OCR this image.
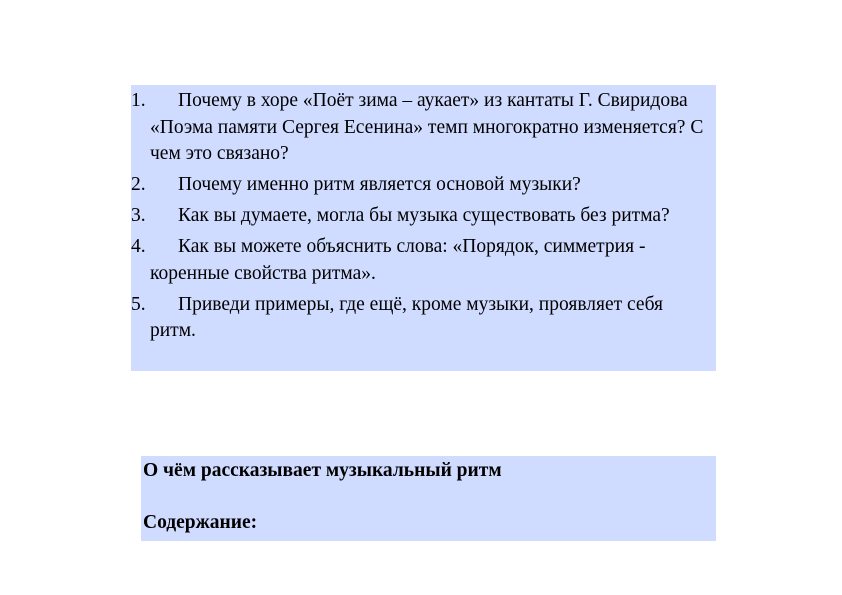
1.	Почему в хоре «Поёт зима – аукает» из кантаты Г. Свиридова «Поэма памяти Сергея Есенина» темп многократно изменяется? С чем это связано?
2.	Почему именно ритм является основой музыки?
3.	Как вы думаете, могла бы музыка существовать без ритма?
4.	Как вы можете объяснить слова: «Порядок, симметрия - коренные свойства ритма».
5.	Приведи примеры, где ещё, кроме музыки, проявляет себя ритм.

О чём рассказывает музыкальный ритм

Содержание:
